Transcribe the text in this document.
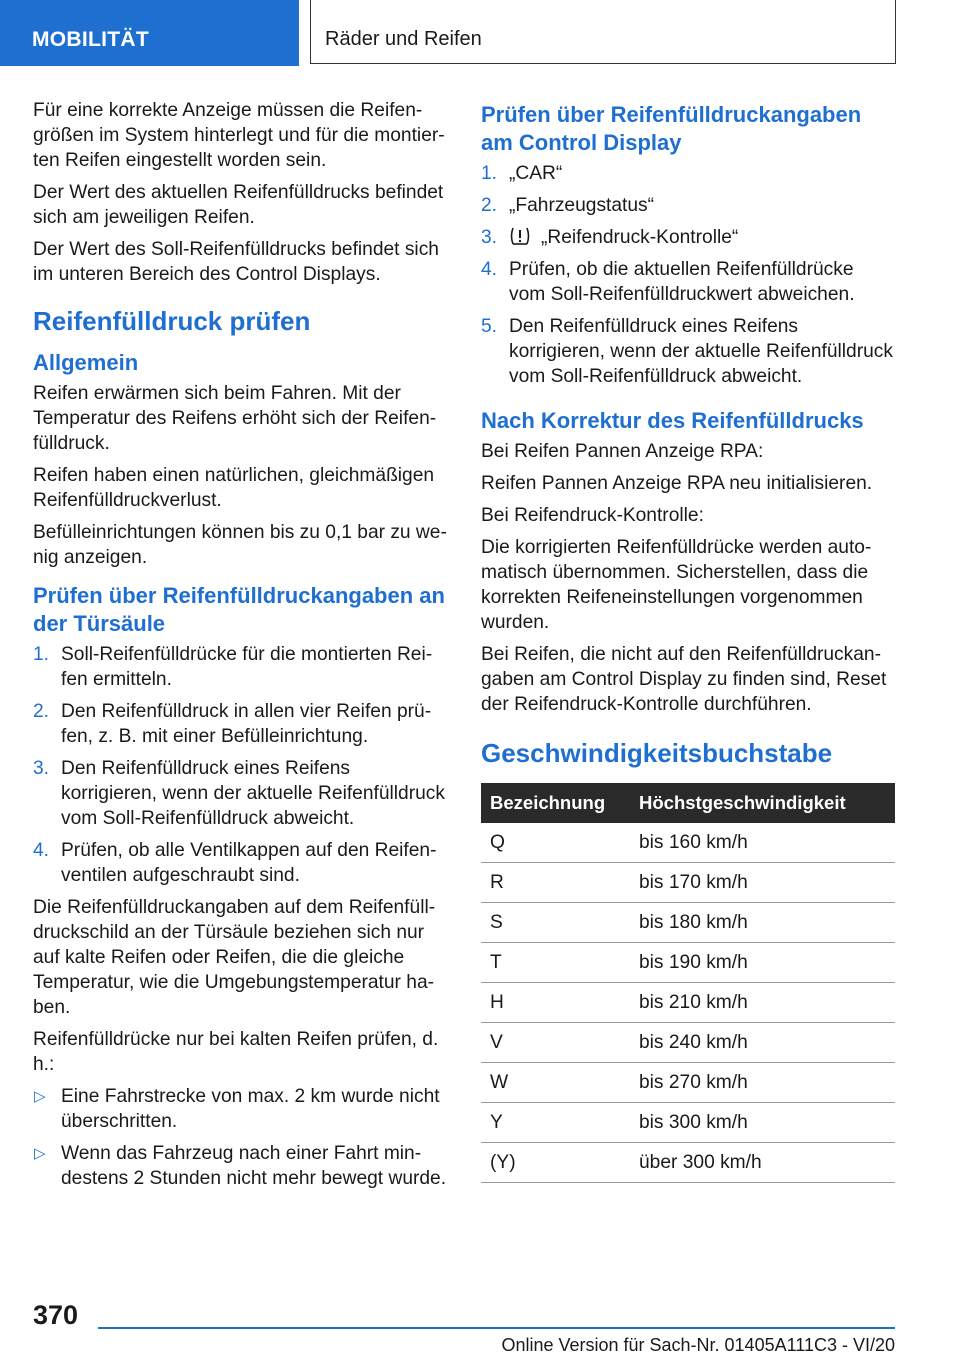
MOBILITÄT	Räder und Reifen

Für eine korrekte Anzeige müssen die Reifengrößen im System hinterlegt und für die montierten Reifen eingestellt worden sein.

Der Wert des aktuellen Reifenfülldrucks befindet sich am jeweiligen Reifen.

Der Wert des Soll-Reifenfülldrucks befindet sich im unteren Bereich des Control Displays.

Reifenfülldruck prüfen
Allgemein

Reifen erwärmen sich beim Fahren. Mit der Temperatur des Reifens erhöht sich der Reifenfülldruck.

Reifen haben einen natürlichen, gleichmäßigen Reifenfülldruckverlust.

Befülleinrichtungen können bis zu 0,1 bar zu wenig anzeigen.

Prüfen über Reifenfülldruckangaben an der Türsäule
1. Soll-Reifenfülldrücke für die montierten Reifen ermitteln.
2. Den Reifenfülldruck in allen vier Reifen prüfen, z. B. mit einer Befülleinrichtung.
3. Den Reifenfülldruck eines Reifens korrigieren, wenn der aktuelle Reifenfülldruck vom Soll-Reifenfülldruck abweicht.
4. Prüfen, ob alle Ventilkappen auf den Reifenventilen aufgeschraubt sind.

Die Reifenfülldruckangaben auf dem Reifenfülldruckschild an der Türsäule beziehen sich nur auf kalte Reifen oder Reifen, die die gleiche Temperatur, wie die Umgebungstemperatur haben.

Reifenfülldrücke nur bei kalten Reifen prüfen, d. h.:

▷ Eine Fahrstrecke von max. 2 km wurde nicht überschritten.
▷ Wenn das Fahrzeug nach einer Fahrt mindestens 2 Stunden nicht mehr bewegt wurde.
Prüfen über Reifenfülldruckangaben am Control Display
1. „CAR“
2. „Fahrzeugstatus“
3. „Reifendruck-Kontrolle“
4. Prüfen, ob die aktuellen Reifenfülldrücke vom Soll-Reifenfülldruckwert abweichen.
5. Den Reifenfülldruck eines Reifens korrigieren, wenn der aktuelle Reifenfülldruck vom Soll-Reifenfülldruck abweicht.
Nach Korrektur des Reifenfülldrucks

Bei Reifen Pannen Anzeige RPA:

Reifen Pannen Anzeige RPA neu initialisieren.

Bei Reifendruck-Kontrolle:

Die korrigierten Reifenfülldrücke werden automatisch übernommen. Sicherstellen, dass die korrekten Reifeneinstellungen vorgenommen wurden.

Bei Reifen, die nicht auf den Reifenfülldruckangaben am Control Display zu finden sind, Reset der Reifendruck-Kontrolle durchführen.

Geschwindigkeitsbuchstabe
Bezeichnung	Höchstgeschwindigkeit
Q	bis 160 km/h
R	bis 170 km/h
S	bis 180 km/h
T	bis 190 km/h
H	bis 210 km/h
V	bis 240 km/h
W	bis 270 km/h
Y	bis 300 km/h
(Y)	über 300 km/h
370
Online Version für Sach-Nr. 01405A111C3 - VI/20
